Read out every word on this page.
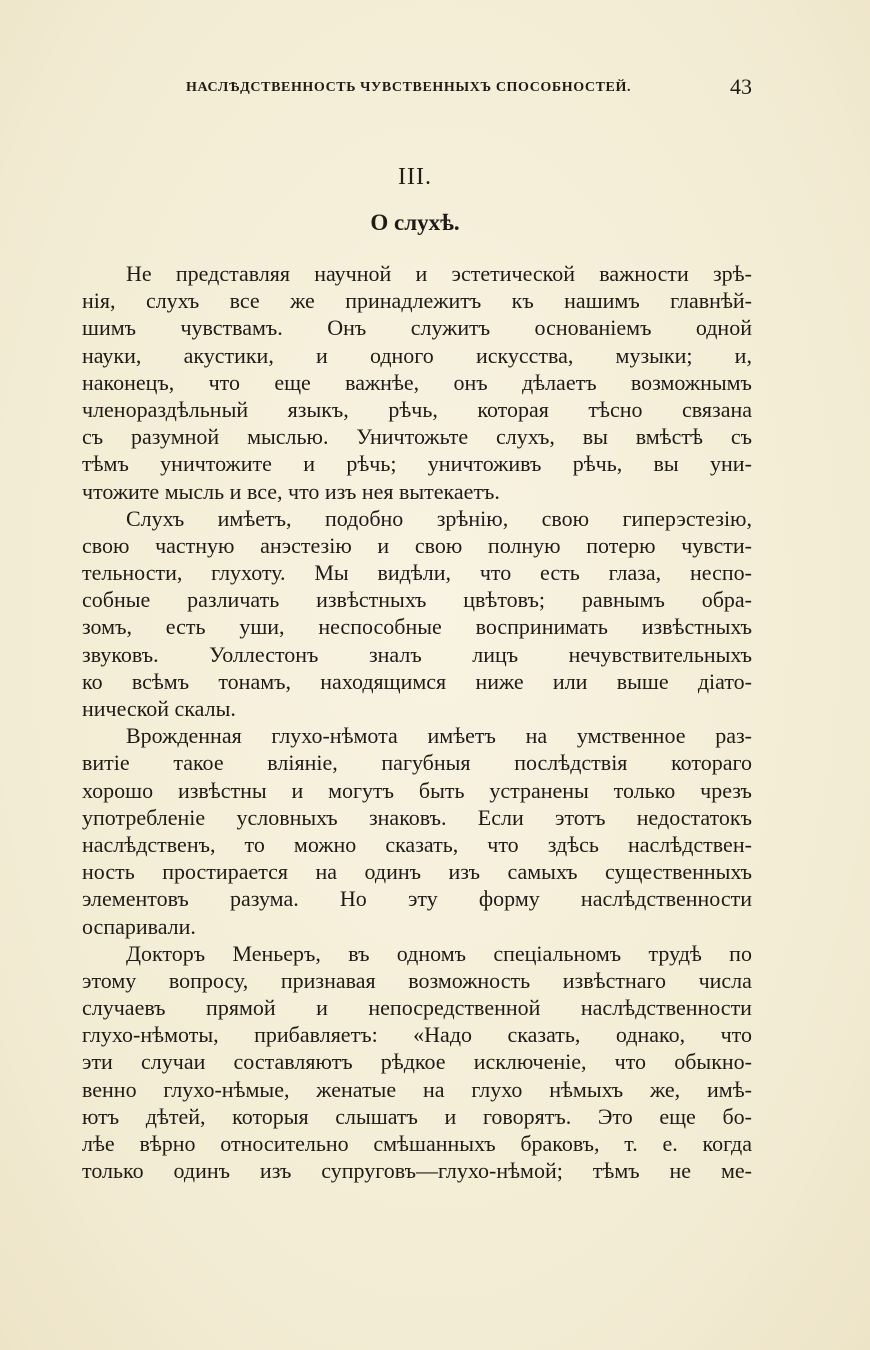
НАСЛѢДСТВЕННОСТЬ ЧУВСТВЕННЫХЪ СПОСОБНОСТЕЙ.	43
III.
О слухѣ.
Не представляя научной и эстетической важности зрѣ-
нія, слухъ все же принадлежитъ къ нашимъ главнѣй-
шимъ чувствамъ. Онъ служитъ основаніемъ одной
науки, акустики, и одного искусства, музыки; и,
наконецъ, что еще важнѣе, онъ дѣлаетъ возможнымъ
членораздѣльный языкъ, рѣчь, которая тѣсно связана
съ разумной мыслью. Уничтожьте слухъ, вы вмѣстѣ съ
тѣмъ уничтожите и рѣчь; уничтоживъ рѣчь, вы уни-
чтожите мысль и все, что изъ нея вытекаетъ.
Слухъ имѣетъ, подобно зрѣнію, свою гиперэстезію,
свою частную анэстезію и свою полную потерю чувсти-
тельности, глухоту. Мы видѣли, что есть глаза, неспо-
собные различать извѣстныхъ цвѣтовъ; равнымъ обра-
зомъ, есть уши, неспособные воспринимать извѣстныхъ
звуковъ. Уоллестонъ зналъ лицъ нечувствительныхъ
ко всѣмъ тонамъ, находящимся ниже или выше діато-
нической скалы.
Врожденная глухо-нѣмота имѣетъ на умственное раз-
витіе такое вліяніе, пагубныя послѣдствія котораго
хорошо извѣстны и могутъ быть устранены только чрезъ
употребленіе условныхъ знаковъ. Если этотъ недостатокъ
наслѣдственъ, то можно сказать, что здѣсь наслѣдствен-
ность простирается на одинъ изъ самыхъ существенныхъ
элементовъ разума. Но эту форму наслѣдственности
оспаривали.
Докторъ Меньеръ, въ одномъ спеціальномъ трудѣ по
этому вопросу, признавая возможность извѣстнаго числа
случаевъ прямой и непосредственной наслѣдственности
глухо-нѣмоты, прибавляетъ: «Надо сказать, однако, что
эти случаи составляютъ рѣдкое исключеніе, что обыкно-
венно глухо-нѣмые, женатые на глухо нѣмыхъ же, имѣ-
ютъ дѣтей, которыя слышатъ и говорятъ. Это еще бо-
лѣе вѣрно относительно смѣшанныхъ браковъ, т. е. когда
только одинъ изъ супруговъ—глухо-нѣмой; тѣмъ не ме-
